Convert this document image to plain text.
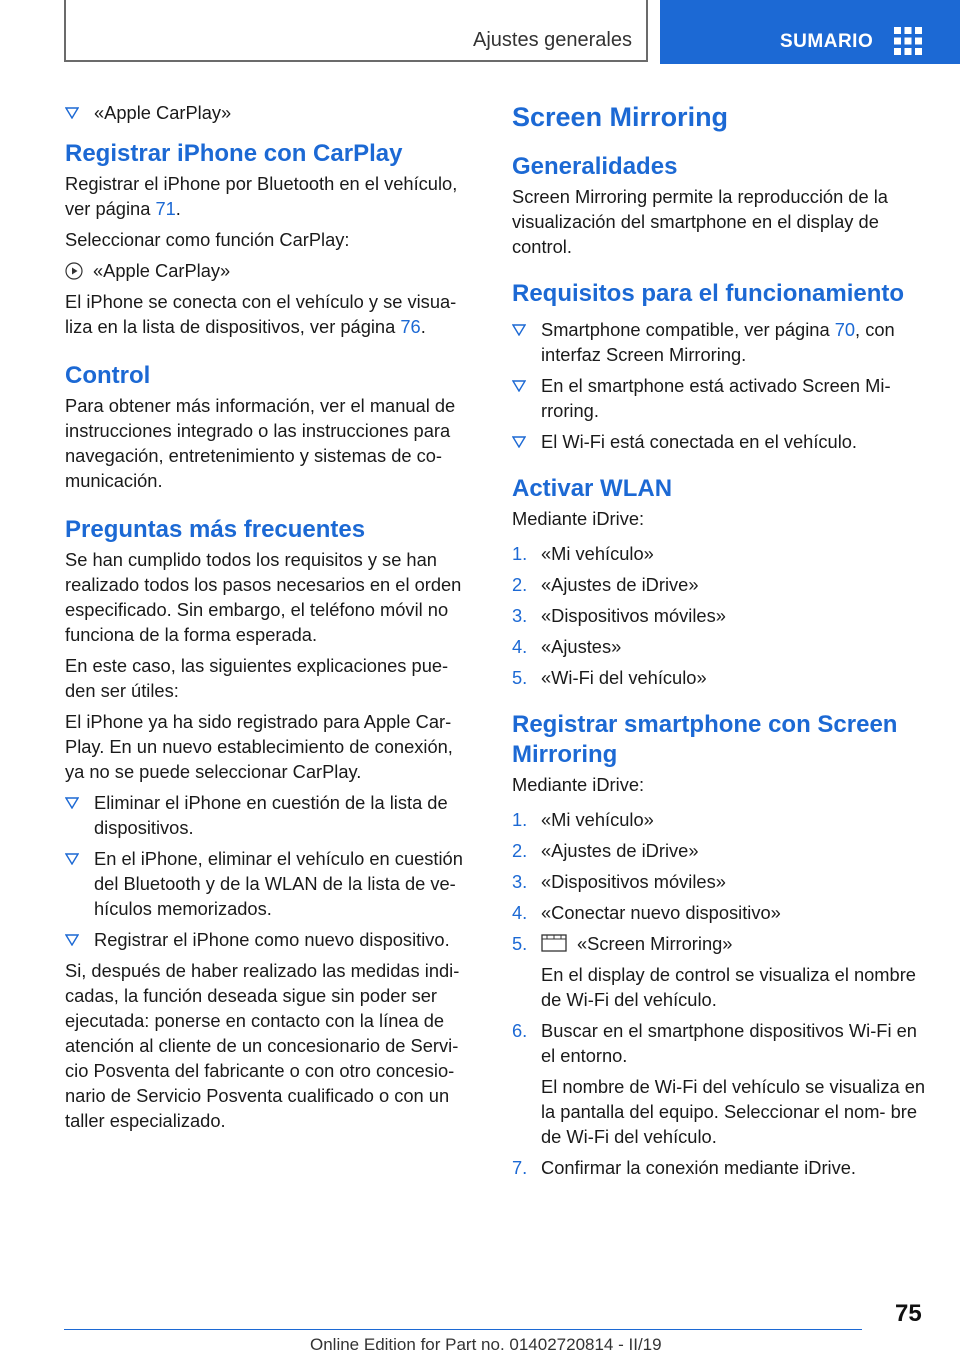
Ajustes generales	SUMARIO
«Apple CarPlay»
Registrar iPhone con CarPlay

Registrar el iPhone por Bluetooth en el vehículo, ver página 71.

Seleccionar como función CarPlay:

«Apple CarPlay»

El iPhone se conecta con el vehículo y se visua‐ liza en la lista de dispositivos, ver página 76.

Control

Para obtener más información, ver el manual de instrucciones integrado o las instrucciones para navegación, entretenimiento y sistemas de co‐ municación.

Preguntas más frecuentes

Se han cumplido todos los requisitos y se han realizado todos los pasos necesarios en el orden especificado. Sin embargo, el teléfono móvil no funciona de la forma esperada.

En este caso, las siguientes explicaciones pue‐ den ser útiles:

El iPhone ya ha sido registrado para Apple Car‐ Play. En un nuevo establecimiento de conexión, ya no se puede seleccionar CarPlay.

Eliminar el iPhone en cuestión de la lista de dispositivos.
En el iPhone, eliminar el vehículo en cuestión del Bluetooth y de la WLAN de la lista de ve‐ hículos memorizados.
Registrar el iPhone como nuevo dispositivo.

Si, después de haber realizado las medidas indi‐ cadas, la función deseada sigue sin poder ser ejecutada: ponerse en contacto con la línea de atención al cliente de un concesionario de Servi‐ cio Posventa del fabricante o con otro concesio‐ nario de Servicio Posventa cualificado o con un taller especializado.

Screen Mirroring
Generalidades

Screen Mirroring permite la reproducción de la visualización del smartphone en el display de control.

Requisitos para el funcionamiento
Smartphone compatible, ver página 70, con interfaz Screen Mirroring.
En el smartphone está activado Screen Mi‐ rroring.
El Wi-Fi está conectada en el vehículo.
Activar WLAN

Mediante iDrive:

1. «Mi vehículo»
2. «Ajustes de iDrive»
3. «Dispositivos móviles»
4. «Ajustes»
5. «Wi-Fi del vehículo»
Registrar smartphone con Screen Mirroring

Mediante iDrive:

1. «Mi vehículo»
2. «Ajustes de iDrive»
3. «Dispositivos móviles»
4. «Conectar nuevo dispositivo»
5.	«Screen Mirroring»
En el display de control se visualiza el nombre de Wi-Fi del vehículo.
6. Buscar en el smartphone dispositivos Wi-Fi en el entorno.
El nombre de Wi-Fi del vehículo se visualiza en la pantalla del equipo. Seleccionar el nom‐ bre de Wi-Fi del vehículo.
7. Confirmar la conexión mediante iDrive.
75
Online Edition for Part no. 01402720814 - II/19
